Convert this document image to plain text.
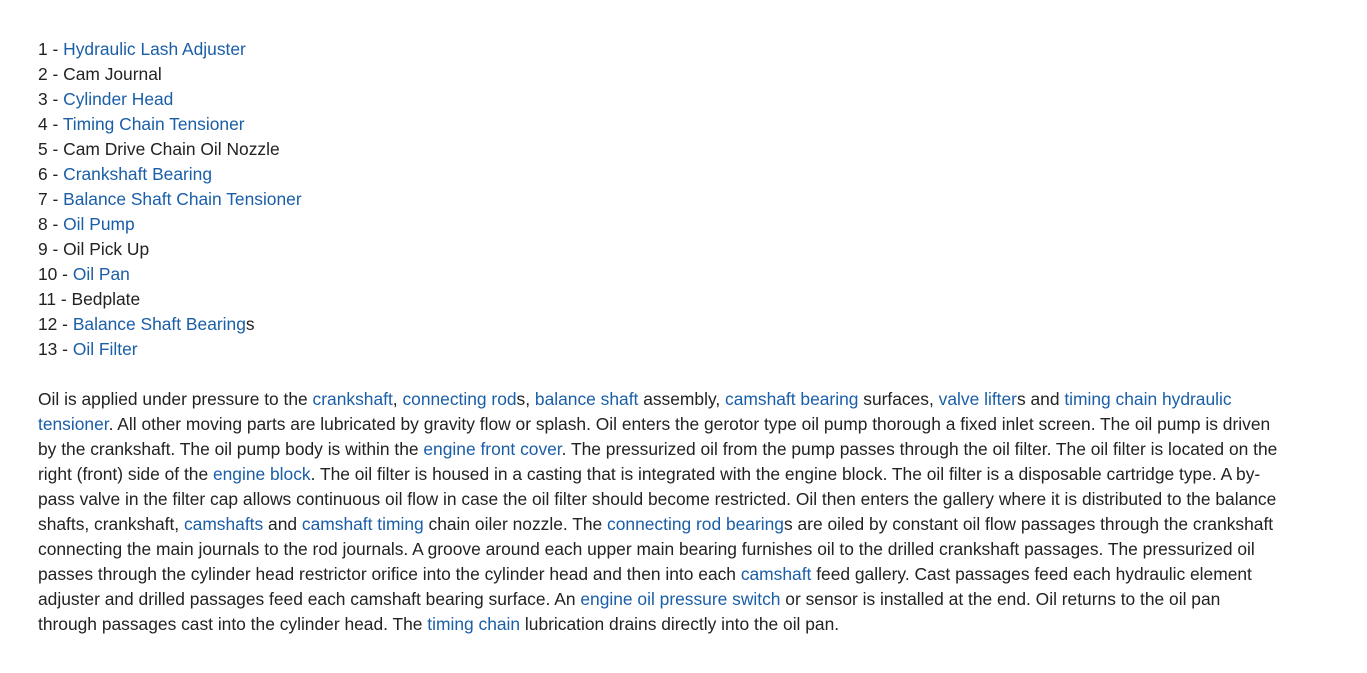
1 - Hydraulic Lash Adjuster
2 - Cam Journal
3 - Cylinder Head
4 - Timing Chain Tensioner
5 - Cam Drive Chain Oil Nozzle
6 - Crankshaft Bearing
7 - Balance Shaft Chain Tensioner
8 - Oil Pump
9 - Oil Pick Up
10 - Oil Pan
11 - Bedplate
12 - Balance Shaft Bearings
13 - Oil Filter

Oil is applied under pressure to the crankshaft, connecting rods, balance shaft assembly, camshaft bearing surfaces, valve lifters and timing chain hydraulic tensioner. All other moving parts are lubricated by gravity flow or splash. Oil enters the gerotor type oil pump thorough a fixed inlet screen. The oil pump is driven by the crankshaft. The oil pump body is within the engine front cover. The pressurized oil from the pump passes through the oil filter. The oil filter is located on the right (front) side of the engine block. The oil filter is housed in a casting that is integrated with the engine block. The oil filter is a disposable cartridge type. A by-pass valve in the filter cap allows continuous oil flow in case the oil filter should become restricted. Oil then enters the gallery where it is distributed to the balance shafts, crankshaft, camshafts and camshaft timing chain oiler nozzle. The connecting rod bearings are oiled by constant oil flow passages through the crankshaft connecting the main journals to the rod journals. A groove around each upper main bearing furnishes oil to the drilled crankshaft passages. The pressurized oil passes through the cylinder head restrictor orifice into the cylinder head and then into each camshaft feed gallery. Cast passages feed each hydraulic element adjuster and drilled passages feed each camshaft bearing surface. An engine oil pressure switch or sensor is installed at the end. Oil returns to the oil pan through passages cast into the cylinder head. The timing chain lubrication drains directly into the oil pan.
